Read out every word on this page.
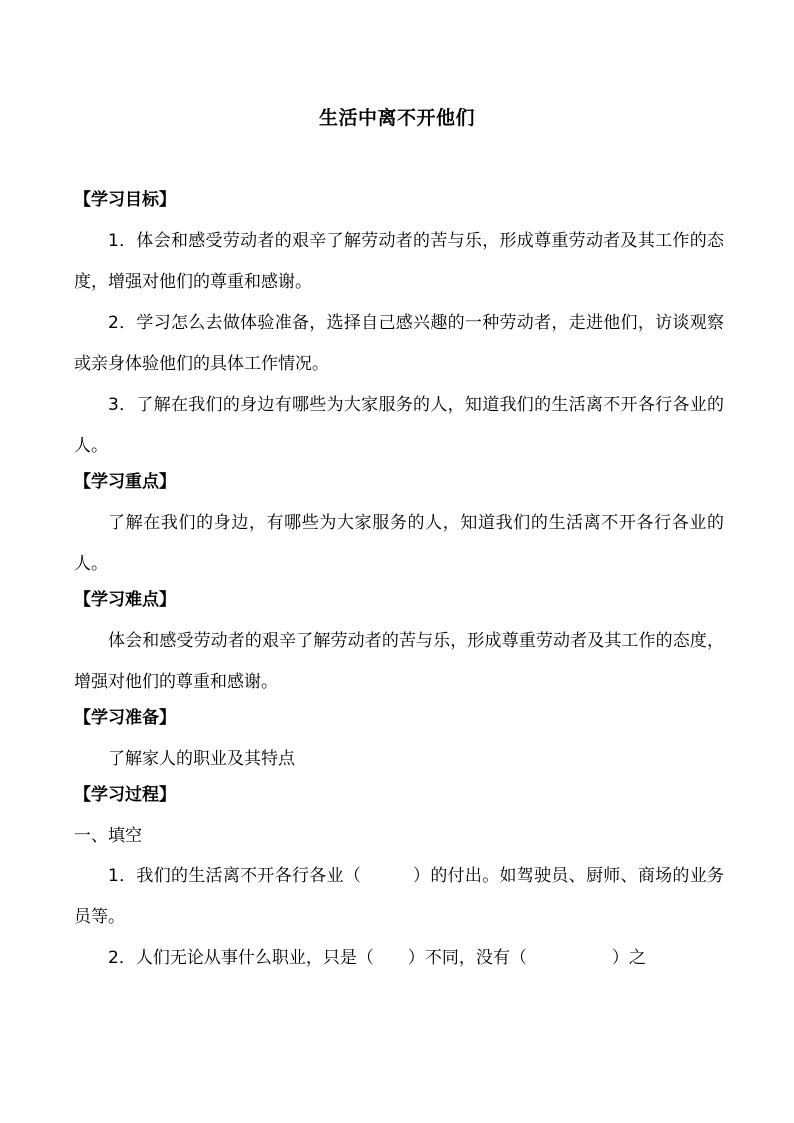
生活中离不开他们
【学习目标】

1．体会和感受劳动者的艰辛了解劳动者的苦与乐，形成尊重劳动者及其工作的态度，增强对他们的尊重和感谢。

2．学习怎么去做体验准备，选择自己感兴趣的一种劳动者，走进他们，访谈观察或亲身体验他们的具体工作情况。

3．了解在我们的身边有哪些为大家服务的人，知道我们的生活离不开各行各业的人。

【学习重点】

了解在我们的身边，有哪些为大家服务的人，知道我们的生活离不开各行各业的人。

【学习难点】

体会和感受劳动者的艰辛了解劳动者的苦与乐，形成尊重劳动者及其工作的态度，增强对他们的尊重和感谢。

【学习准备】

了解家人的职业及其特点

【学习过程】
一、填空

1．我们的生活离不开各行各业（　　　）的付出。如驾驶员、厨师、商场的业务员等。

2．人们无论从事什么职业，只是（　　）不同，没有（　　　　　）之
